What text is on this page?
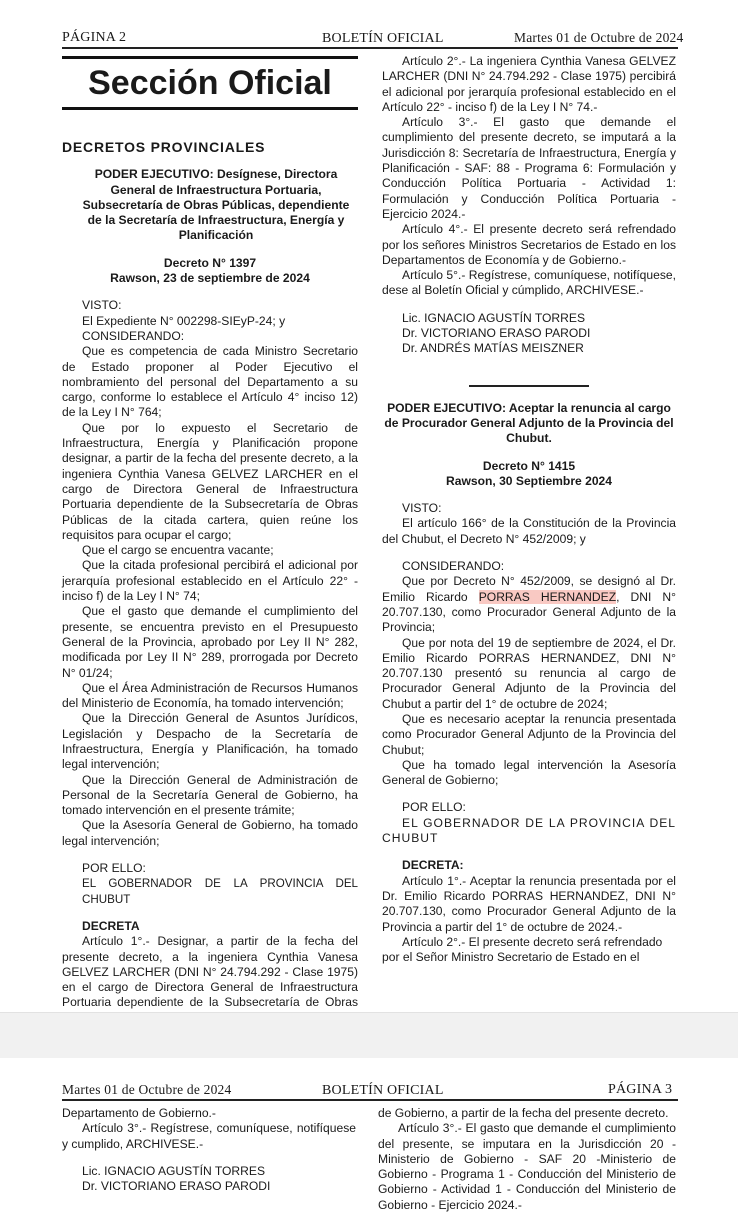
PÁGINA 2	BOLETÍN OFICIAL	Martes 01 de Octubre de 2024
Sección Oficial

DECRETOS PROVINCIALES

PODER EJECUTIVO: Desígnese, Directora General de Infraestructura Portuaria, Subsecretaría de Obras Públicas, dependiente de la Secretaría de Infraestructura, Energía y Planificación

Decreto N° 1397

Rawson, 23 de septiembre de 2024

VISTO:

El Expediente N° 002298-SIEyP-24; y

CONSIDERANDO:

Que es competencia de cada Ministro Secretario de Estado proponer al Poder Ejecutivo el nombramiento del personal del Departamento a su cargo, conforme lo establece el Artículo 4° inciso 12) de la Ley I N° 764;

Que por lo expuesto el Secretario de Infraestructura, Energía y Planificación propone designar, a partir de la fecha del presente decreto, a la ingeniera Cynthia Vanesa GELVEZ LARCHER en el cargo de Directora General de Infraestructura Portuaria dependiente de la Subsecretaría de Obras Públicas de la citada cartera, quien reúne los requisitos para ocupar el cargo;

Que el cargo se encuentra vacante;

Que la citada profesional percibirá el adicional por jerarquía profesional establecido en el Artículo 22° - inciso f) de la Ley I N° 74;

Que el gasto que demande el cumplimiento del presente, se encuentra previsto en el Presupuesto General de la Provincia, aprobado por Ley II N° 282, modificada por Ley II N° 289, prorrogada por Decreto N° 01/24;

Que el Área Administración de Recursos Humanos del Ministerio de Economía, ha tomado intervención;

Que la Dirección General de Asuntos Jurídicos, Legislación y Despacho de la Secretaría de Infraestructura, Energía y Planificación, ha tomado legal intervención;

Que la Dirección General de Administración de Personal de la Secretaría General de Gobierno, ha tomado intervención en el presente trámite;

Que la Asesoría General de Gobierno, ha tomado legal intervención;

POR ELLO:

EL GOBERNADOR DE LA PROVINCIA DEL CHUBUT

DECRETA

Artículo 1°.- Designar, a partir de la fecha del presente decreto, a la ingeniera Cynthia Vanesa GELVEZ LARCHER (DNI N° 24.794.292 - Clase 1975) en el cargo de Directora General de Infraestructura Portuaria dependiente de la Subsecretaría de Obras

Artículo 2°.- La ingeniera Cynthia Vanesa GELVEZ LARCHER (DNI N° 24.794.292 - Clase 1975) percibirá el adicional por jerarquía profesional establecido en el Artículo 22° - inciso f) de la Ley I N° 74.-

Artículo 3°.- El gasto que demande el cumplimiento del presente decreto, se imputará a la Jurisdicción 8: Secretaría de Infraestructura, Energía y Planificación - SAF: 88 - Programa 6: Formulación y Conducción Política Portuaria - Actividad 1: Formulación y Conducción Política Portuaria - Ejercicio 2024.-

Artículo 4°.- El presente decreto será refrendado por los señores Ministros Secretarios de Estado en los Departamentos de Economía y de Gobierno.-

Artículo 5°.- Regístrese, comuníquese, notifíquese, dese al Boletín Oficial y cúmplido, ARCHIVESE.-

Lic. IGNACIO AGUSTÍN TORRES

Dr. VICTORIANO ERASO PARODI

Dr. ANDRÉS MATÍAS MEISZNER

PODER EJECUTIVO: Aceptar la renuncia al cargo de Procurador General Adjunto de la Provincia del Chubut.

Decreto N° 1415

Rawson, 30 Septiembre 2024

VISTO:

El artículo 166° de la Constitución de la Provincia del Chubut, el Decreto N° 452/2009; y

CONSIDERANDO:

Que por Decreto N° 452/2009, se designó al Dr. Emilio Ricardo PORRAS HERNANDEZ, DNI N° 20.707.130, como Procurador General Adjunto de la Provincia;

Que por nota del 19 de septiembre de 2024, el Dr. Emilio Ricardo PORRAS HERNANDEZ, DNI N° 20.707.130 presentó su renuncia al cargo de Procurador General Adjunto de la Provincia del Chubut a partir del 1° de octubre de 2024;

Que es necesario aceptar la renuncia presentada como Procurador General Adjunto de la Provincia del Chubut;

Que ha tomado legal intervención la Asesoría General de Gobierno;

POR ELLO:

EL GOBERNADOR DE LA PROVINCIA DEL CHUBUT

DECRETA:

Artículo 1°.- Aceptar la renuncia presentada por el Dr. Emilio Ricardo PORRAS HERNANDEZ, DNI N° 20.707.130, como Procurador General Adjunto de la Provincia a partir del 1° de octubre de 2024.-

Artículo 2°.- El presente decreto será refrendado por el Señor Ministro Secretario de Estado en el

Martes 01 de Octubre de 2024	BOLETÍN OFICIAL	PÁGINA 3

Departamento de Gobierno.-

Artículo 3°.- Regístrese, comuníquese, notifíquese y cumplido, ARCHIVESE.-

Lic. IGNACIO AGUSTÍN TORRES

Dr. VICTORIANO ERASO PARODI

de Gobierno, a partir de la fecha del presente decreto.

Artículo 3°.- El gasto que demande el cumplimiento del presente, se imputara en la Jurisdicción 20 - Ministerio de Gobierno - SAF 20 -Ministerio de Gobierno - Programa 1 - Conducción del Ministerio de Gobierno - Actividad 1 - Conducción del Ministerio de Gobierno - Ejercicio 2024.-
